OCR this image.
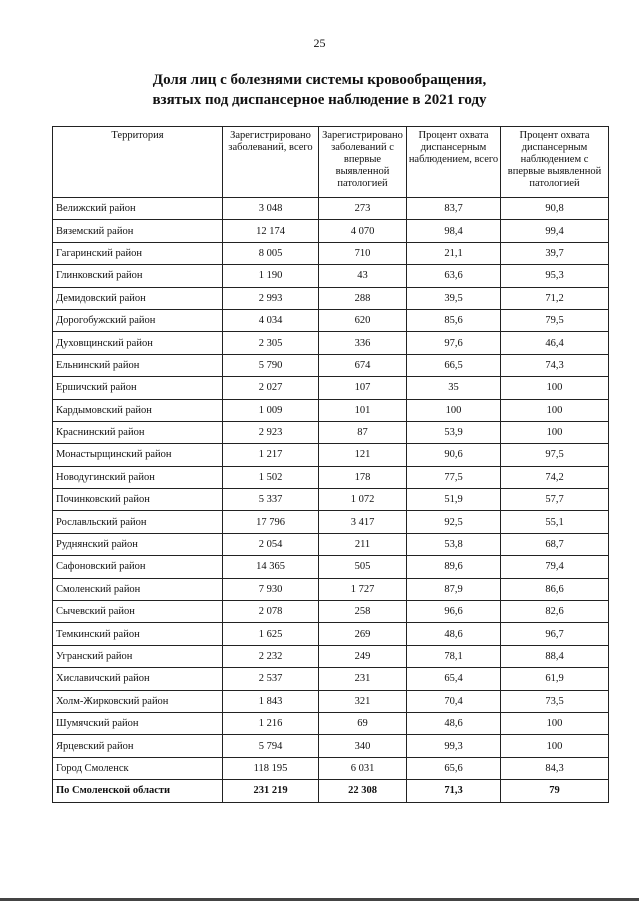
25
Доля лиц с болезнями системы кровообращения,
взятых под диспансерное наблюдение в 2021 году
Территория	Зарегистрировано заболеваний, всего	Зарегистрировано заболеваний с впервые выявленной патологией	Процент охвата диспансерным наблюдением, всего	Процент охвата диспансерным наблюдением с впервые выявленной патологией
Велижский район	3 048	273	83,7	90,8
Вяземский район	12 174	4 070	98,4	99,4
Гагаринский район	8 005	710	21,1	39,7
Глинковский район	1 190	43	63,6	95,3
Демидовский район	2 993	288	39,5	71,2
Дорогобужский район	4 034	620	85,6	79,5
Духовщинский район	2 305	336	97,6	46,4
Ельнинский район	5 790	674	66,5	74,3
Ершичский район	2 027	107	35	100
Кардымовский район	1 009	101	100	100
Краснинский район	2 923	87	53,9	100
Монастырщинский район	1 217	121	90,6	97,5
Новодугинский район	1 502	178	77,5	74,2
Починковский район	5 337	1 072	51,9	57,7
Рославльский район	17 796	3 417	92,5	55,1
Руднянский район	2 054	211	53,8	68,7
Сафоновский район	14 365	505	89,6	79,4
Смоленский район	7 930	1 727	87,9	86,6
Сычевский район	2 078	258	96,6	82,6
Темкинский район	1 625	269	48,6	96,7
Угранский район	2 232	249	78,1	88,4
Хиславичский район	2 537	231	65,4	61,9
Холм-Жирковский район	1 843	321	70,4	73,5
Шумячский район	1 216	69	48,6	100
Ярцевский район	5 794	340	99,3	100
Город Смоленск	118 195	6 031	65,6	84,3
По Смоленской области	231 219	22 308	71,3	79
